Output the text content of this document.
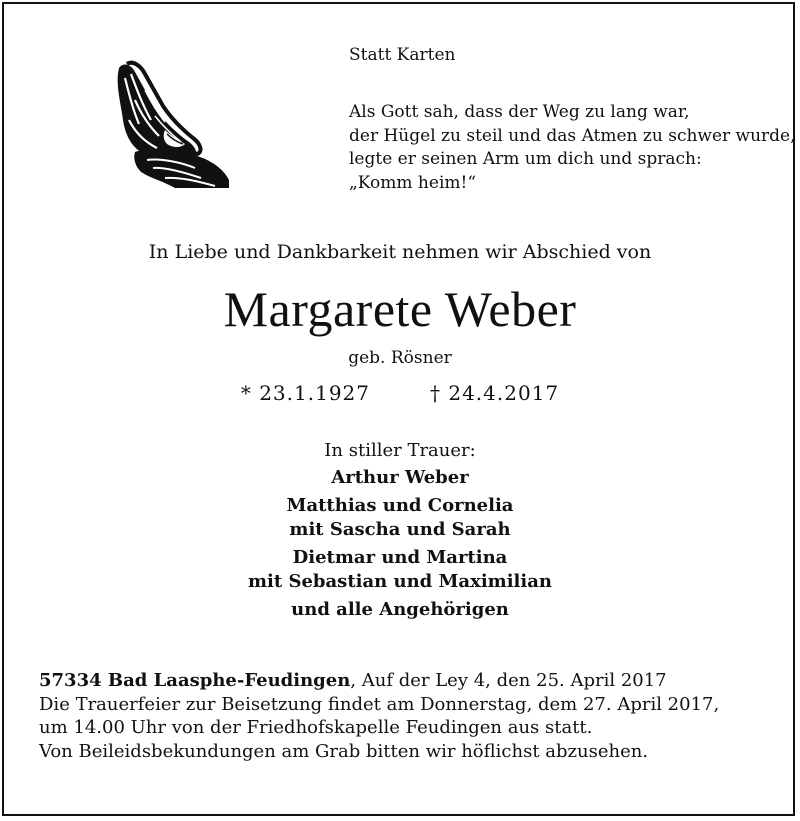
Statt Karten
Als Gott sah, dass der Weg zu lang war,
der Hügel zu steil und das Atmen zu schwer wurde,
legte er seinen Arm um dich und sprach:
„Komm heim!“
In Liebe und Dankbarkeit nehmen wir Abschied von
Margarete Weber
geb. Rösner
* 23.1.1927	† 24.4.2017
In stiller Trauer:
Arthur Weber
Matthias und Cornelia
mit Sascha und Sarah
Dietmar und Martina
mit Sebastian und Maximilian
und alle Angehörigen
57334 Bad Laasphe-Feudingen, Auf der Ley 4, den 25. April 2017
Die Trauerfeier zur Beisetzung findet am Donnerstag, dem 27. April 2017,
um 14.00 Uhr von der Friedhofskapelle Feudingen aus statt.
Von Beileidsbekundungen am Grab bitten wir höflichst abzusehen.
